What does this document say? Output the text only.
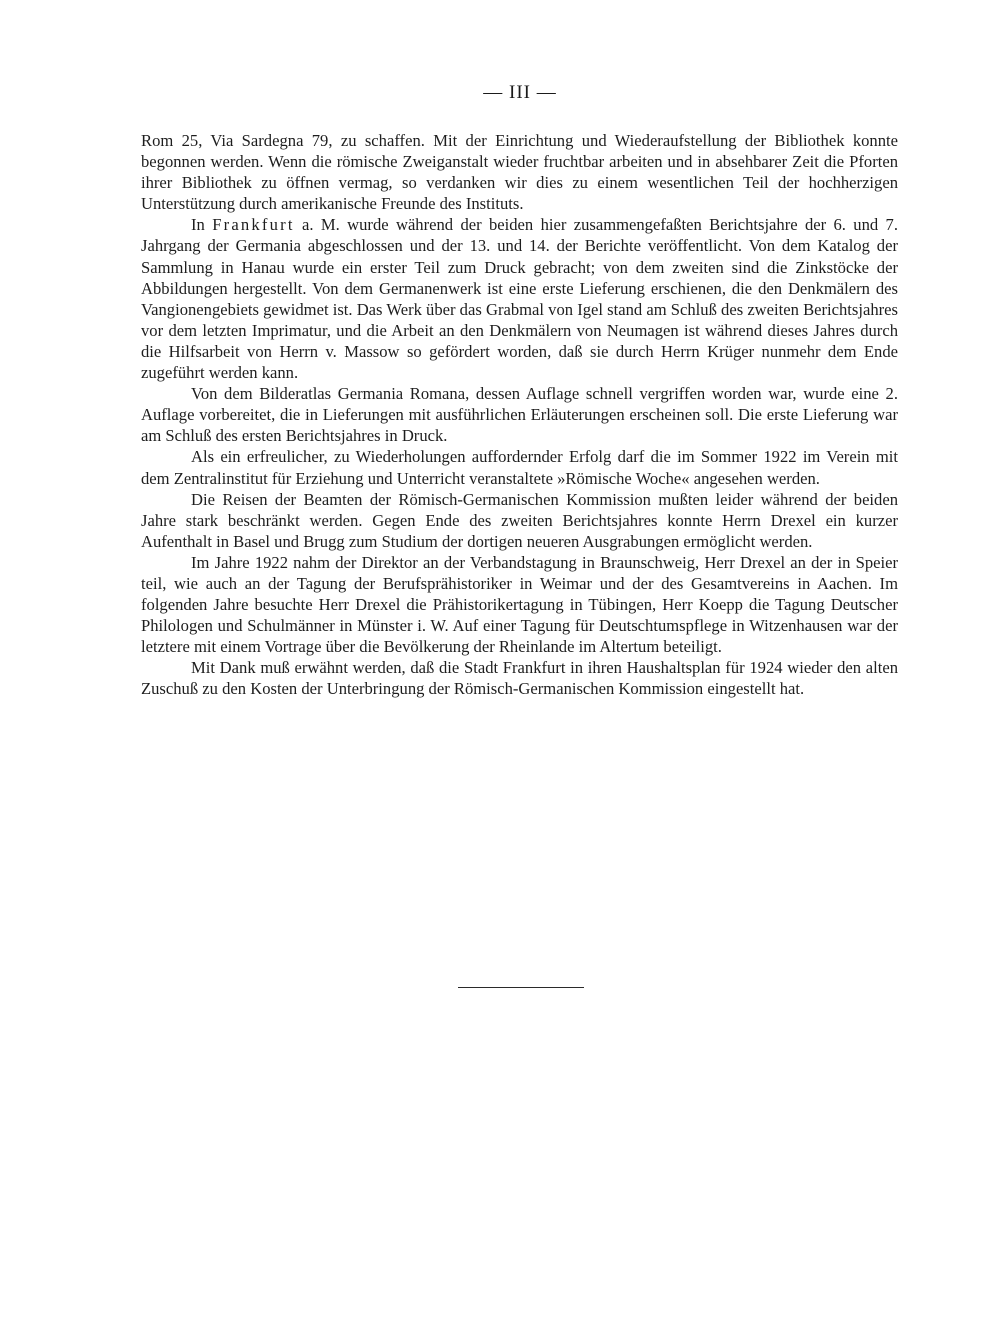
— III —

Rom 25, Via Sardegna 79, zu schaffen. Mit der Einrichtung und Wiederaufstellung der Bibliothek konnte begonnen werden. Wenn die römische Zweiganstalt wieder fruchtbar arbeiten und in absehbarer Zeit die Pforten ihrer Bibliothek zu öffnen vermag, so verdanken wir dies zu einem wesentlichen Teil der hochherzigen Unterstützung durch amerikanische Freunde des Instituts.

In Frankfurt a. M. wurde während der beiden hier zusammengefaßten Berichtsjahre der 6. und 7. Jahrgang der Germania abgeschlossen und der 13. und 14. der Berichte veröffentlicht. Von dem Katalog der Sammlung in Hanau wurde ein erster Teil zum Druck gebracht; von dem zweiten sind die Zinkstöcke der Abbildungen hergestellt. Von dem Germanenwerk ist eine erste Lieferung erschienen, die den Denkmälern des Vangionengebiets gewidmet ist. Das Werk über das Grabmal von Igel stand am Schluß des zweiten Berichtsjahres vor dem letzten Imprimatur, und die Arbeit an den Denkmälern von Neumagen ist während dieses Jahres durch die Hilfsarbeit von Herrn v. Massow so gefördert worden, daß sie durch Herrn Krüger nunmehr dem Ende zugeführt werden kann.

Von dem Bilderatlas Germania Romana, dessen Auflage schnell vergriffen worden war, wurde eine 2. Auflage vorbereitet, die in Lieferungen mit ausführlichen Erläuterungen erscheinen soll. Die erste Lieferung war am Schluß des ersten Berichtsjahres in Druck.

Als ein erfreulicher, zu Wiederholungen auffordernder Erfolg darf die im Sommer 1922 im Verein mit dem Zentralinstitut für Erziehung und Unterricht veranstaltete »Römische Woche« angesehen werden.

Die Reisen der Beamten der Römisch-Germanischen Kommission mußten leider während der beiden Jahre stark beschränkt werden. Gegen Ende des zweiten Berichtsjahres konnte Herrn Drexel ein kurzer Aufenthalt in Basel und Brugg zum Studium der dortigen neueren Ausgrabungen ermöglicht werden.

Im Jahre 1922 nahm der Direktor an der Verbandstagung in Braunschweig, Herr Drexel an der in Speier teil, wie auch an der Tagung der Berufsprähistoriker in Weimar und der des Gesamtvereins in Aachen. Im folgenden Jahre besuchte Herr Drexel die Prähistorikertagung in Tübingen, Herr Koepp die Tagung Deutscher Philologen und Schulmänner in Münster i. W. Auf einer Tagung für Deutschtumspflege in Witzenhausen war der letztere mit einem Vortrage über die Bevölkerung der Rheinlande im Altertum beteiligt.

Mit Dank muß erwähnt werden, daß die Stadt Frankfurt in ihren Haushaltsplan für 1924 wieder den alten Zuschuß zu den Kosten der Unterbringung der Römisch-Germanischen Kommission eingestellt hat.
